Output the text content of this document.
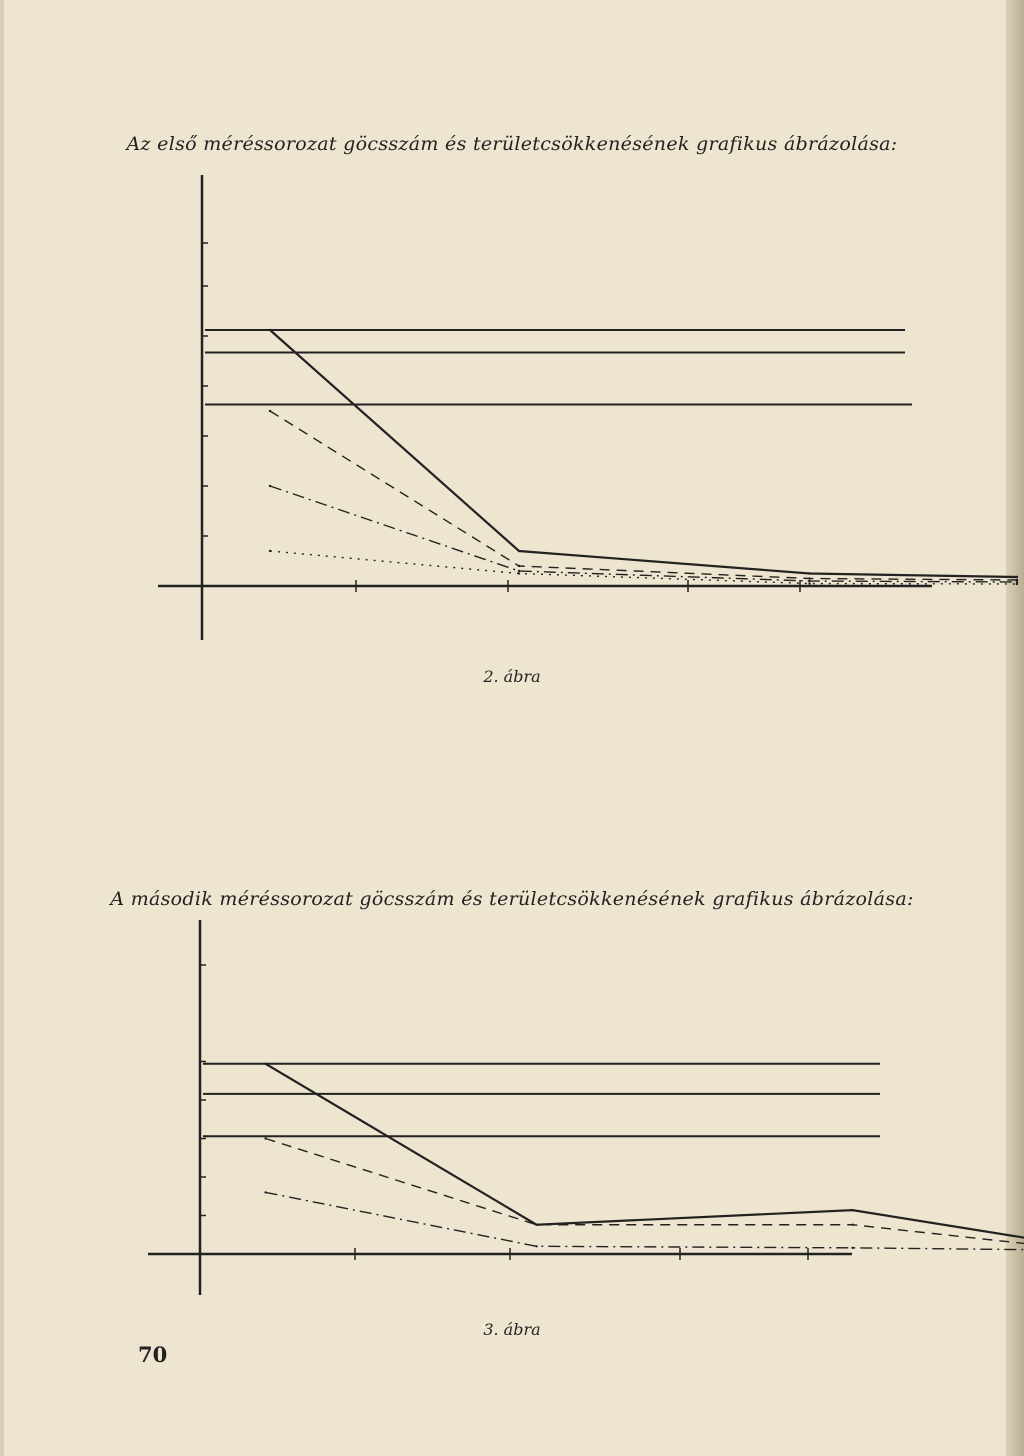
Az első méréssorozat göcsszám és területcsökkenésének grafikus ábrázolása:
2. ábra
A második méréssorozat göcsszám és területcsökkenésének grafikus ábrázolása:
3. ábra
70
